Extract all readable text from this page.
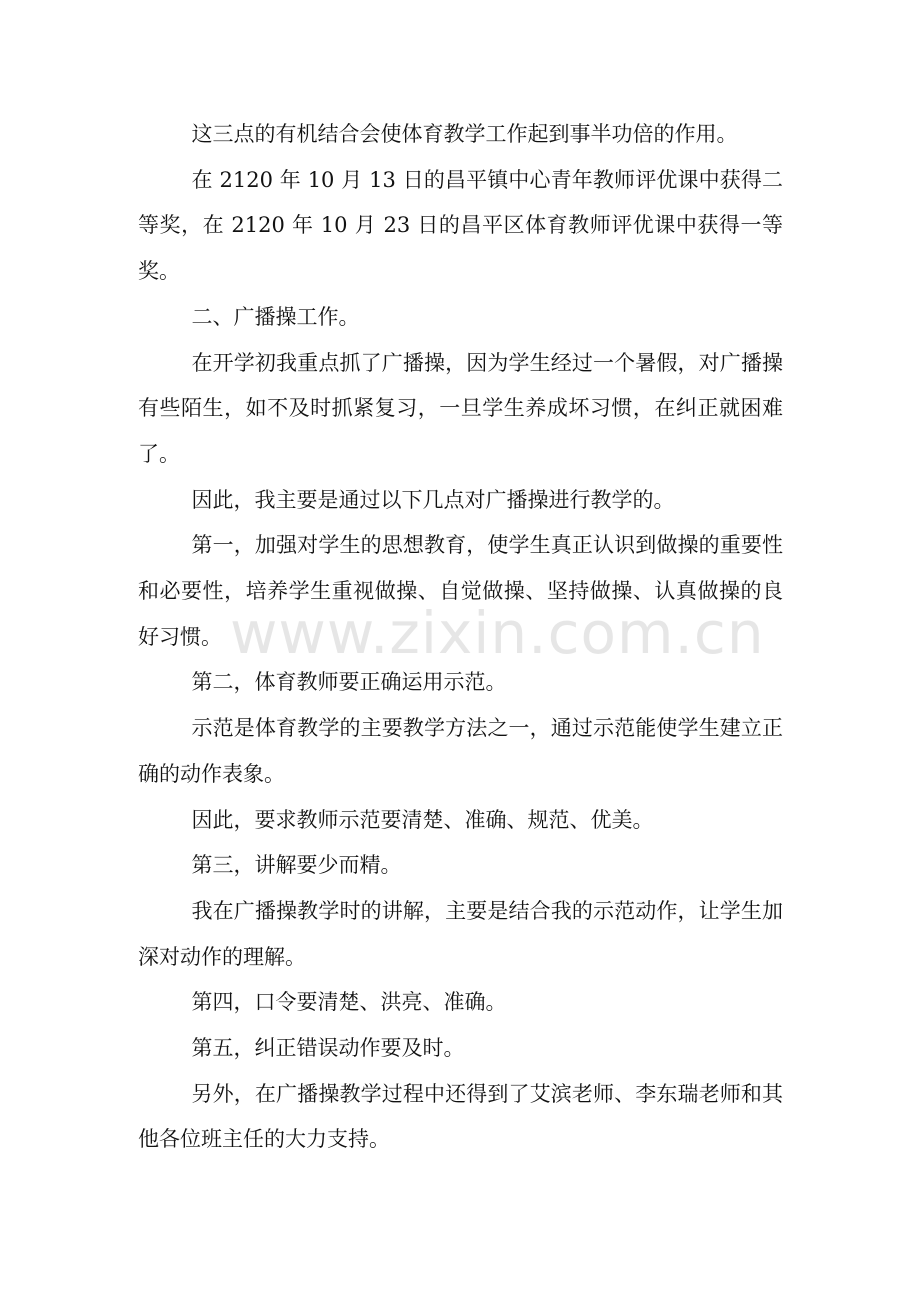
这三点的有机结合会使体育教学工作起到事半功倍的作用。

在 2120 年 10 月 13 日的昌平镇中心青年教师评优课中获得二等奖，在 2120 年 10 月 23 日的昌平区体育教师评优课中获得一等奖。

二、广播操工作。

在开学初我重点抓了广播操，因为学生经过一个暑假，对广播操有些陌生，如不及时抓紧复习，一旦学生养成坏习惯，在纠正就困难了。

因此，我主要是通过以下几点对广播操进行教学的。

第一，加强对学生的思想教育，使学生真正认识到做操的重要性和必要性，培养学生重视做操、自觉做操、坚持做操、认真做操的良好习惯。

第二，体育教师要正确运用示范。

示范是体育教学的主要教学方法之一，通过示范能使学生建立正确的动作表象。

因此，要求教师示范要清楚、准确、规范、优美。

第三，讲解要少而精。

我在广播操教学时的讲解，主要是结合我的示范动作，让学生加深对动作的理解。

第四，口令要清楚、洪亮、准确。

第五，纠正错误动作要及时。

另外，在广播操教学过程中还得到了艾滨老师、李东瑞老师和其他各位班主任的大力支持。

www.zixin.com.cn
